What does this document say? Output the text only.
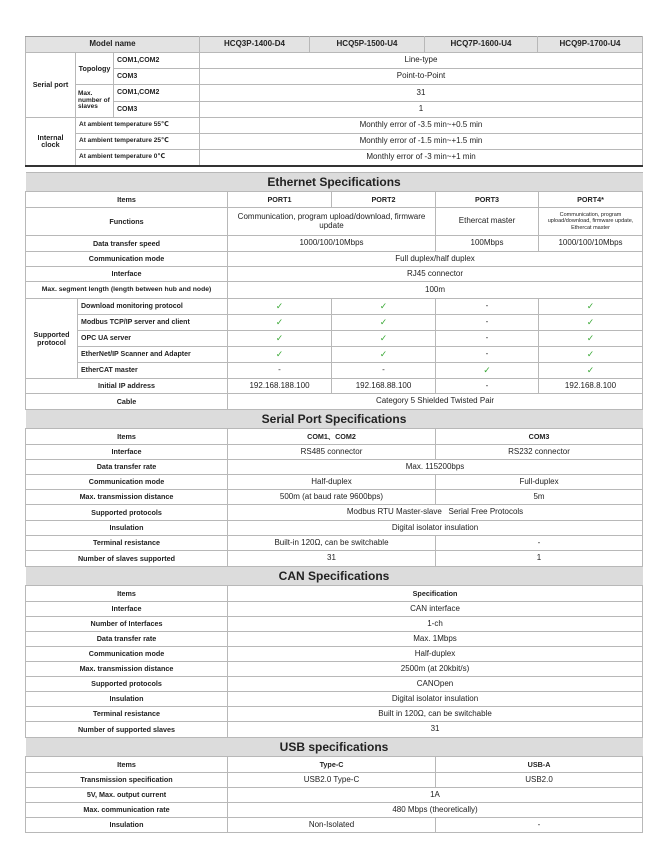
Model name			HCQ3P-1400-D4	HCQ5P-1500-U4	HCQ7P-1600-U4	HCQ9P-1700-U4
Serial port	Topology	COM1,COM2	Line-type			
		COM3	Point-to-Point			
	Max. number of slaves	COM1,COM2	31			
		COM3	1			
Internal clock	At ambient temperature 55℃		Monthly error of -3.5 min~+0.5 min			
	At ambient temperature 25℃		Monthly error of -1.5 min~+1.5 min			
	At ambient temperature 0℃		Monthly error of -3 min~+1 min			
Ethernet Specifications					
Items		PORT1	PORT2	PORT3	PORT4*
Functions		Communication, program upload/download, firmware update		Ethercat master	Communication, program upload/download, firmware update, Ethercat master
Data transfer speed		1000/100/10Mbps		100Mbps	1000/100/10Mbps
Communication mode		Full duplex/half duplex			
Interface		RJ45 connector			
Max. segment length (length between hub and node)		100m			
Supported protocol	Download monitoring protocol	✓	✓	-	✓
	Modbus TCP/IP server and client	✓	✓	-	✓
	OPC UA server	✓	✓	-	✓
	EtherNet/IP Scanner and Adapter	✓	✓	-	✓
	EtherCAT master	-	-	✓	✓
Initial IP address		192.168.188.100	192.168.88.100	-	192.168.8.100
Cable		Category 5 Shielded Twisted Pair			
Serial Port Specifications					
Items		COM1、COM2		COM3	
Interface		RS485 connector		RS232 connector	
Data transfer rate		Max. 115200bps			
Communication mode		Half-duplex		Full-duplex	
Max. transmission distance		500m (at baud rate 9600bps)		5m	
Supported protocols		Modbus RTU Master-slave   Serial Free Protocols			
Insulation		Digital isolator insulation			
Terminal resistance		Built-in 120Ω, can be switchable		-	
Number of slaves supported		31		1	
CAN Specifications					
Items		Specification			
Interface		CAN interface			
Number of Interfaces		1-ch			
Data transfer rate		Max. 1Mbps			
Communication mode		Half-duplex			
Max. transmission distance		2500m (at 20kbit/s)			
Supported protocols		CANOpen			
Insulation		Digital isolator insulation			
Terminal resistance		Built in 120Ω, can be switchable			
Number of supported slaves		31			
USB specifications					
Items		Type-C		USB-A	
Transmission specification		USB2.0 Type-C		USB2.0	
5V, Max. output current		1A			
Max. communication rate		480 Mbps (theoretically)			
Insulation		Non-Isolated		-	
